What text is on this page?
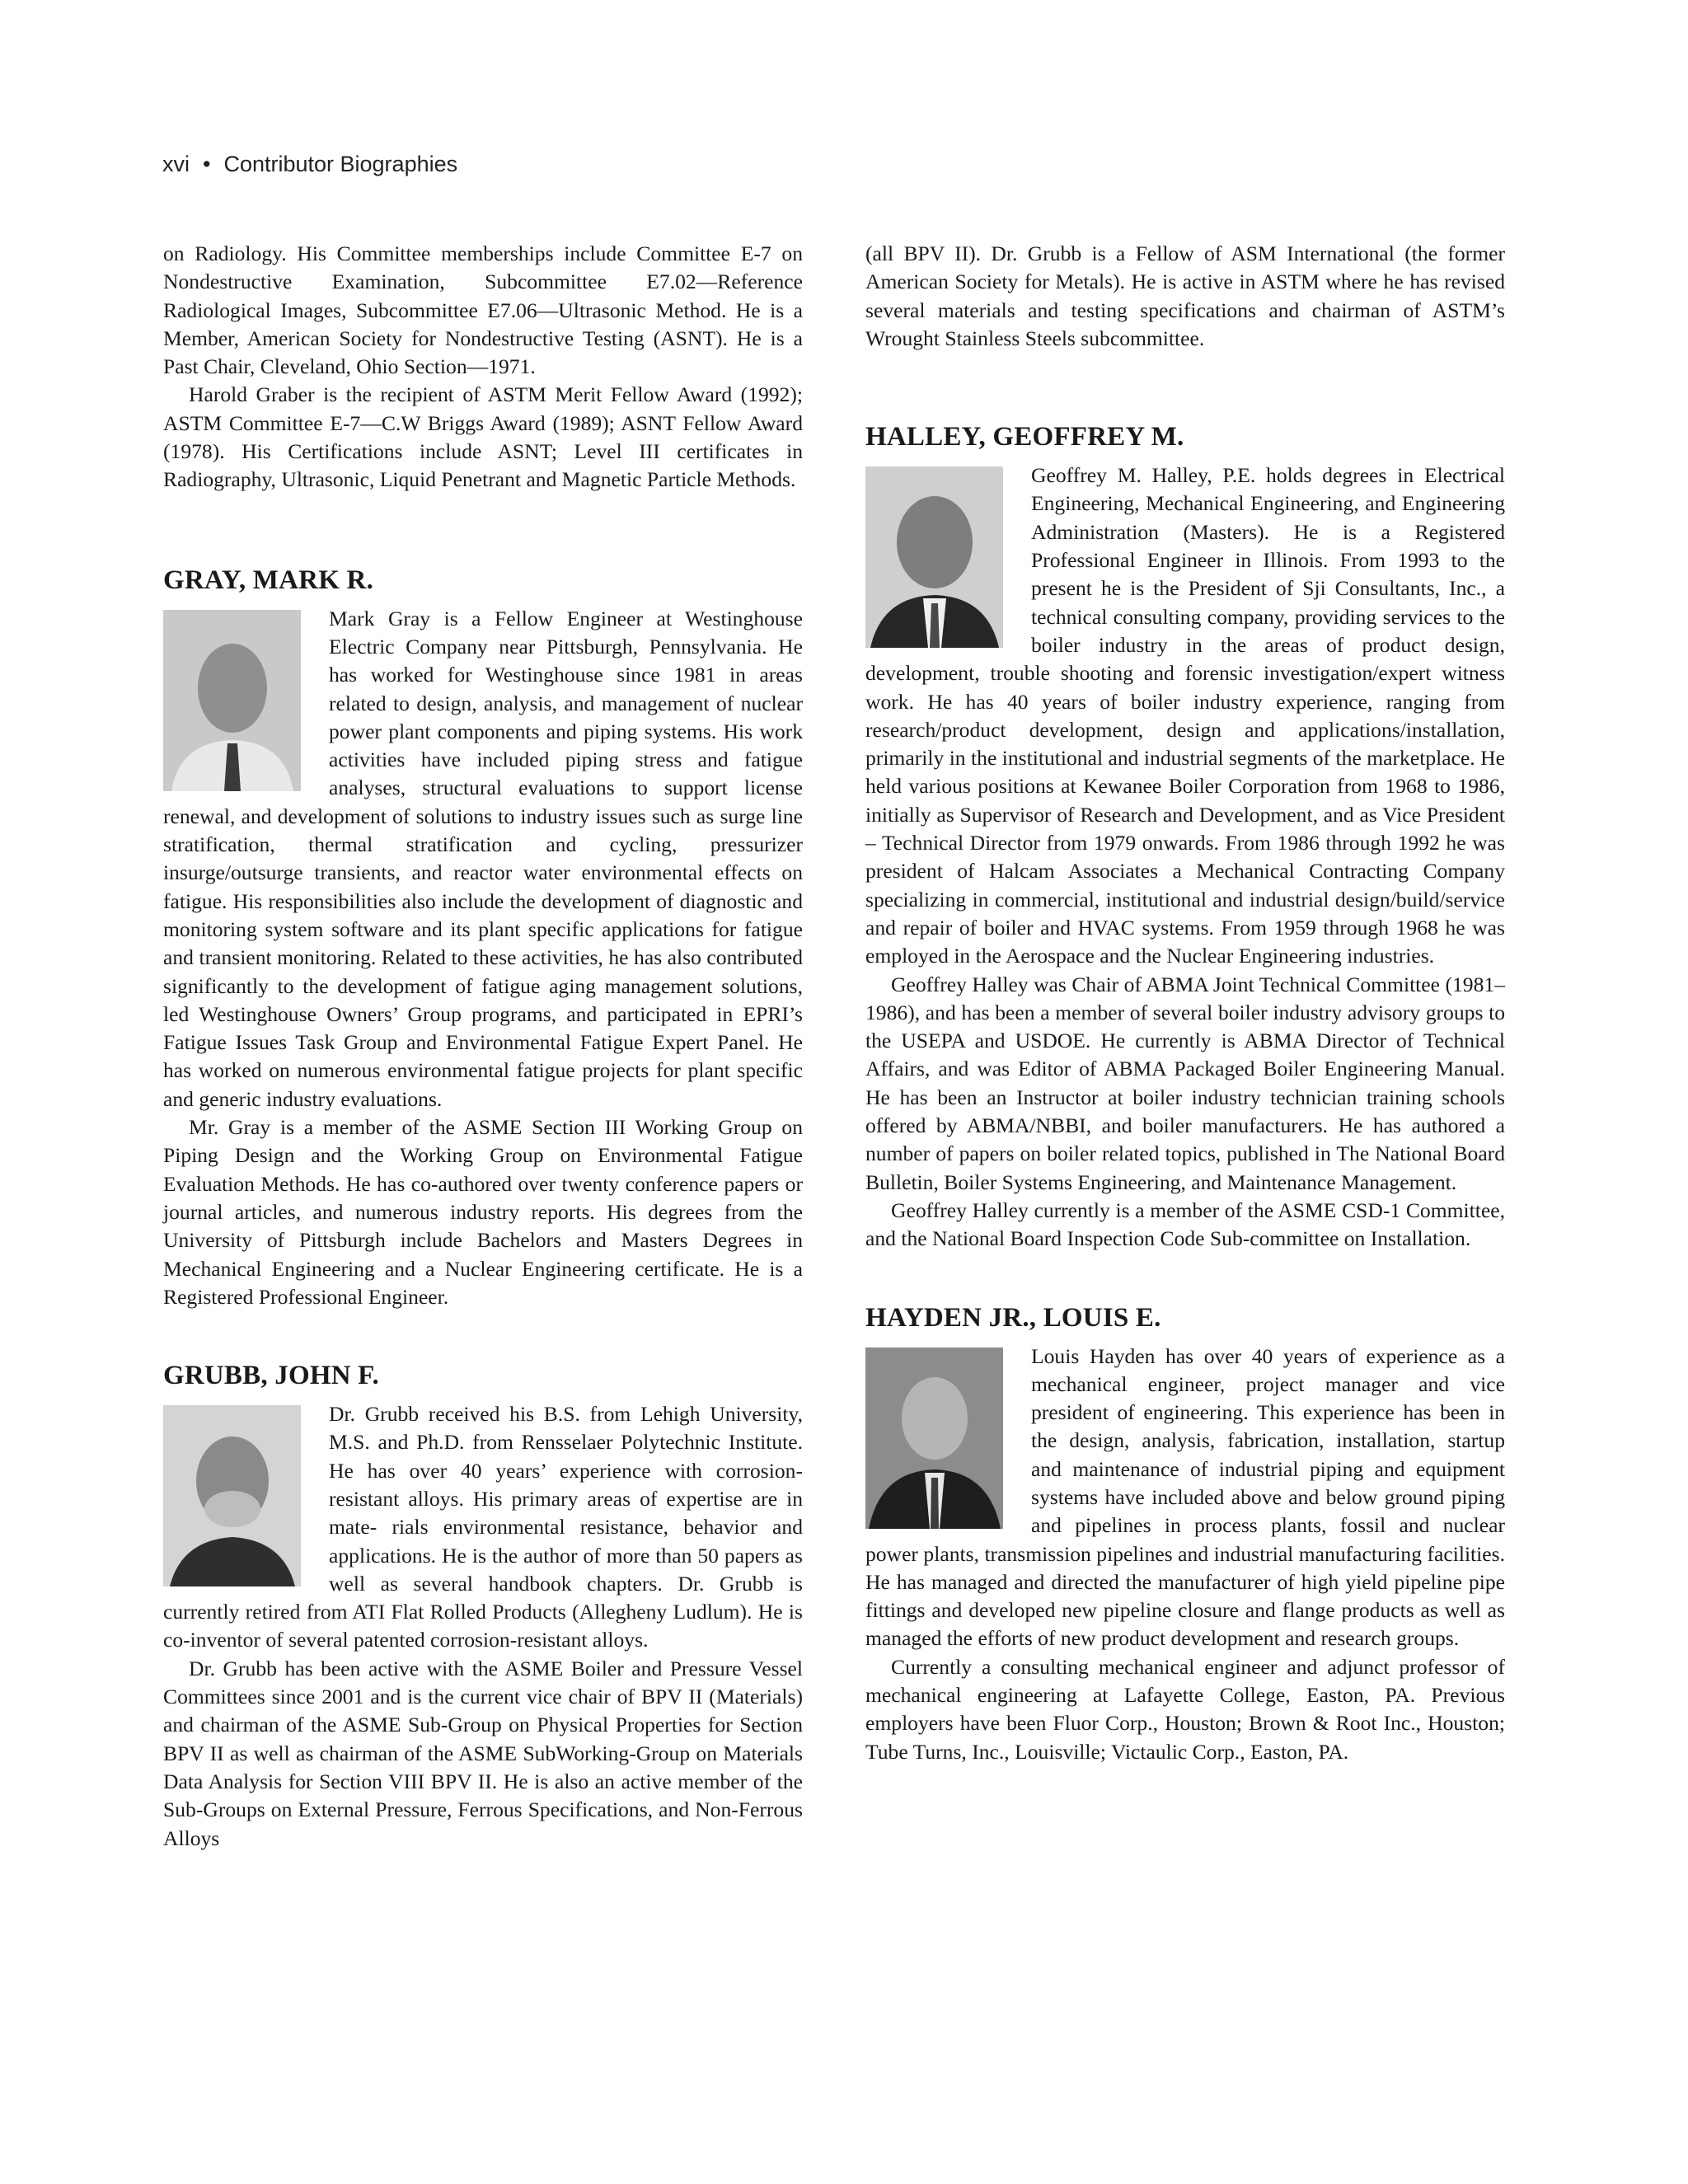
xvi • Contributor Biographies

on Radiology. His Committee memberships include Committee E-7 on Nondestructive Examination, Subcommittee E7.02—Reference Radiological Images, Subcommittee E7.06—Ultrasonic Method. He is a Member, American Society for Nondestructive Testing (ASNT). He is a Past Chair, Cleveland, Ohio Section—1971.

Harold Graber is the recipient of ASTM Merit Fellow Award (1992); ASTM Committee E-7—C.W Briggs Award (1989); ASNT Fellow Award (1978). His Certifications include ASNT; Level III certificates in Radiography, Ultrasonic, Liquid Penetrant and Magnetic Particle Methods.

GRAY, MARK R.

Mark Gray is a Fellow Engineer at Westinghouse Electric Company near Pittsburgh, Pennsylvania. He has worked for Westinghouse since 1981 in areas related to design, analysis, and management of nuclear power plant components and piping systems. His work activities have included piping stress and fatigue analyses, structural evaluations to support license renewal, and development of solutions to industry issues such as surge line stratification, thermal stratification and cycling, pressurizer insurge/outsurge transients, and reactor water environmental effects on fatigue. His responsibilities also include the development of diagnostic and monitoring system software and its plant specific applications for fatigue and transient monitoring. Related to these activities, he has also contributed significantly to the development of fatigue aging management solutions, led Westinghouse Owners’ Group programs, and participated in EPRI’s Fatigue Issues Task Group and Environmental Fatigue Expert Panel. He has worked on numerous environmental fatigue projects for plant specific and generic industry evaluations.

Mr. Gray is a member of the ASME Section III Working Group on Piping Design and the Working Group on Environmental Fatigue Evaluation Methods. He has co-authored over twenty conference papers or journal articles, and numerous industry reports. His degrees from the University of Pittsburgh include Bachelors and Masters Degrees in Mechanical Engineering and a Nuclear Engineering certificate. He is a Registered Professional Engineer.

GRUBB, JOHN F.

Dr. Grubb received his B.S. from Lehigh University, M.S. and Ph.D. from Rensselaer Polytechnic Institute. He has over 40 years’ experience with corrosion-resistant alloys. His primary areas of expertise are in mate- rials environmental resistance, behavior and applications. He is the author of more than 50 papers as well as several handbook chapters. Dr. Grubb is currently retired from ATI Flat Rolled Products (Allegheny Ludlum). He is co-inventor of several patented corrosion-resistant alloys.

Dr. Grubb has been active with the ASME Boiler and Pressure Vessel Committees since 2001 and is the current vice chair of BPV II (Materials) and chairman of the ASME Sub-Group on Physical Properties for Section BPV II as well as chairman of the ASME SubWorking-Group on Materials Data Analysis for Section VIII BPV II. He is also an active member of the Sub-Groups on External Pressure, Ferrous Specifications, and Non-Ferrous Alloys

(all BPV II). Dr. Grubb is a Fellow of ASM International (the former American Society for Metals). He is active in ASTM where he has revised several materials and testing specifications and chairman of ASTM’s Wrought Stainless Steels subcommittee.

HALLEY, GEOFFREY M.

Geoffrey M. Halley, P.E. holds degrees in Electrical Engineering, Mechanical Engineering, and Engineering Administration (Masters). He is a Registered Professional Engineer in Illinois. From 1993 to the present he is the President of Sji Consultants, Inc., a technical consulting company, providing services to the boiler industry in the areas of product design, development, trouble shooting and forensic investigation/expert witness work. He has 40 years of boiler industry experience, ranging from research/product development, design and applications/installation, primarily in the institutional and industrial segments of the marketplace. He held various positions at Kewanee Boiler Corporation from 1968 to 1986, initially as Supervisor of Research and Development, and as Vice President – Technical Director from 1979 onwards. From 1986 through 1992 he was president of Halcam Associates a Mechanical Contracting Company specializing in commercial, institutional and industrial design/build/service and repair of boiler and HVAC systems. From 1959 through 1968 he was employed in the Aerospace and the Nuclear Engineering industries.

Geoffrey Halley was Chair of ABMA Joint Technical Committee (1981–1986), and has been a member of several boiler industry advisory groups to the USEPA and USDOE. He currently is ABMA Director of Technical Affairs, and was Editor of ABMA Packaged Boiler Engineering Manual. He has been an Instructor at boiler industry technician training schools offered by ABMA/NBBI, and boiler manufacturers. He has authored a number of papers on boiler related topics, published in The National Board Bulletin, Boiler Systems Engineering, and Maintenance Management.

Geoffrey Halley currently is a member of the ASME CSD-1 Committee, and the National Board Inspection Code Sub-committee on Installation.

HAYDEN JR., LOUIS E.

Louis Hayden has over 40 years of experience as a mechanical engineer, project manager and vice president of engineering. This experience has been in the design, analysis, fabrication, installation, startup and maintenance of industrial piping and equipment systems have included above and below ground piping and pipelines in process plants, fossil and nuclear power plants, transmission pipelines and industrial manufacturing facilities. He has managed and directed the manufacturer of high yield pipeline pipe fittings and developed new pipeline closure and flange products as well as managed the efforts of new product development and research groups.

Currently a consulting mechanical engineer and adjunct professor of mechanical engineering at Lafayette College, Easton, PA. Previous employers have been Fluor Corp., Houston; Brown & Root Inc., Houston; Tube Turns, Inc., Louisville; Victaulic Corp., Easton, PA.
